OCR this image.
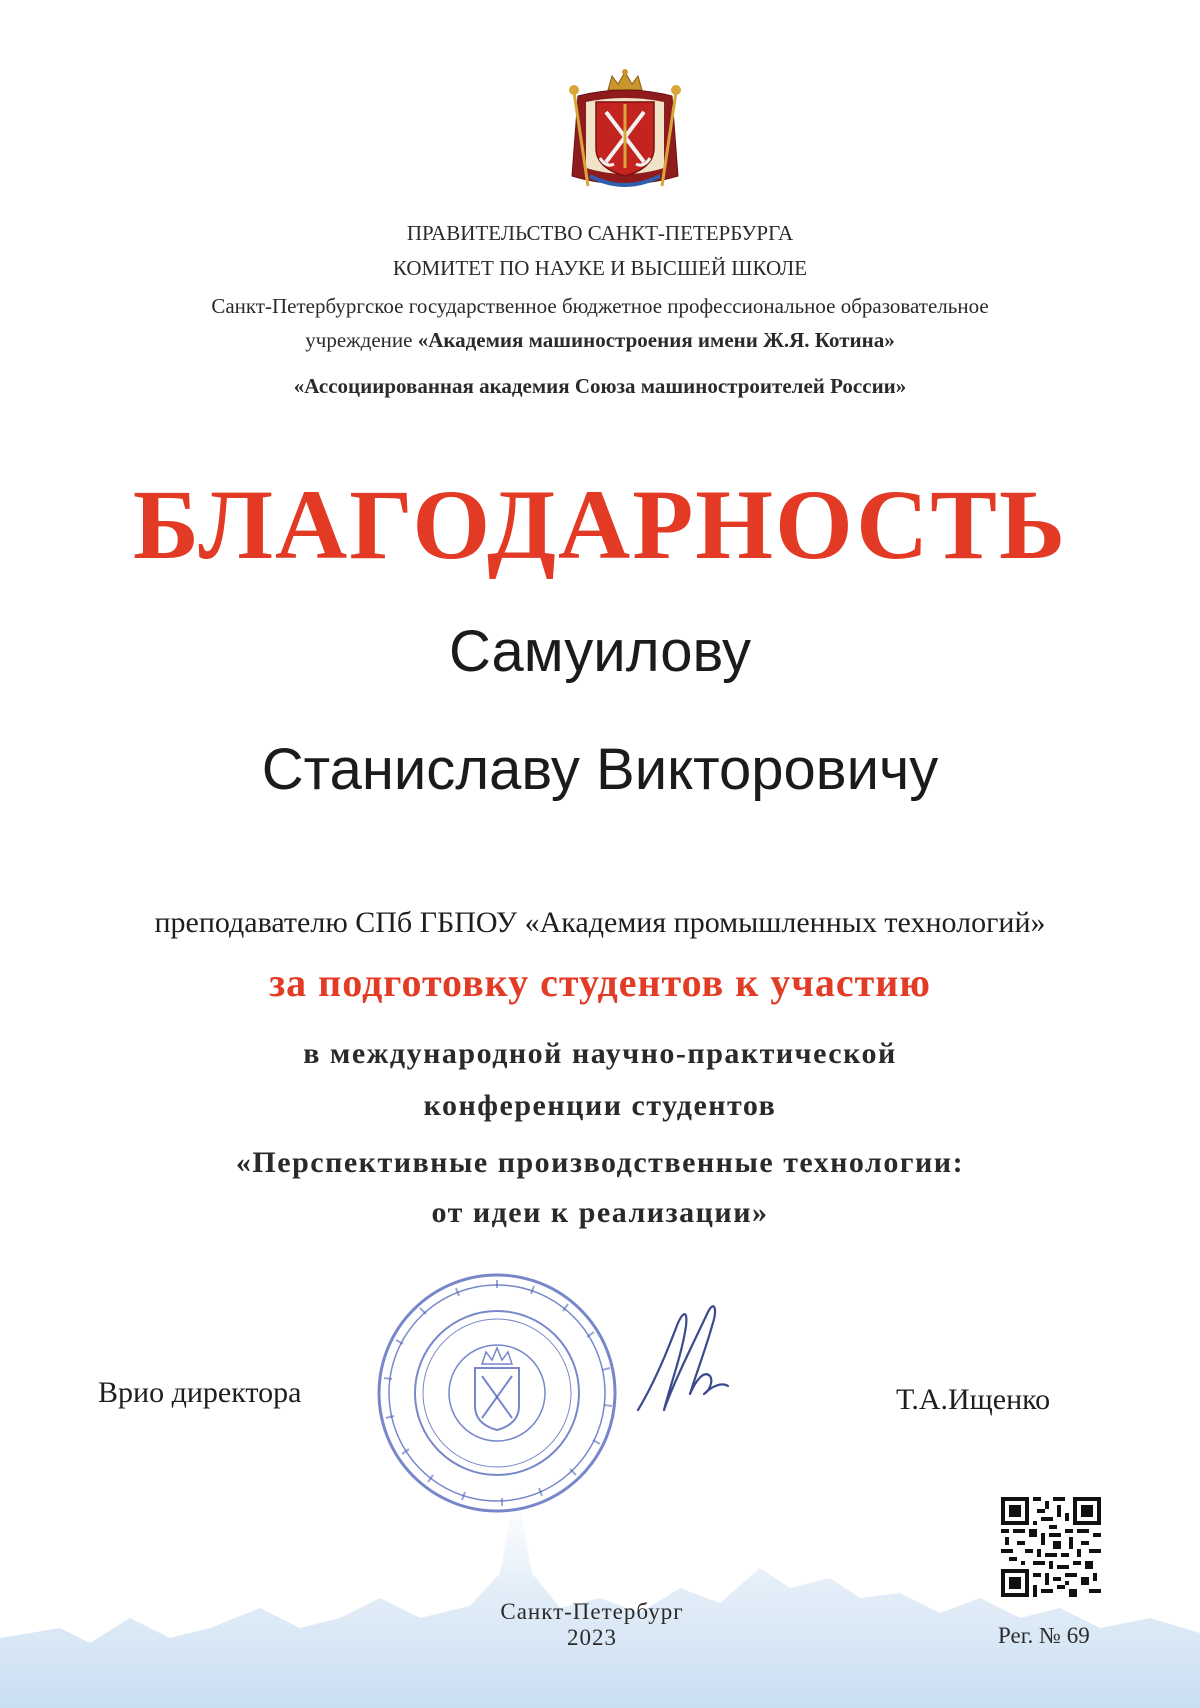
ПРАВИТЕЛЬСТВО САНКТ-ПЕТЕРБУРГА
КОМИТЕТ ПО НАУКЕ И ВЫСШЕЙ ШКОЛЕ
Санкт-Петербургское государственное бюджетное профессиональное образовательное
учреждение «Академия машиностроения имени Ж.Я. Котина»
«Ассоциированная академия Союза машиностроителей России»
БЛАГОДАРНОСТЬ
Самуилову
Станиславу Викторовичу
преподавателю СПб ГБПОУ «Академия промышленных технологий»
за подготовку студентов к участию
в международной научно-практической
конференции студентов
«Перспективные производственные технологии:
от идеи к реализации»
Врио директора	Т.А.Ищенко
Санкт-Петербург
2023	Рег. № 69
